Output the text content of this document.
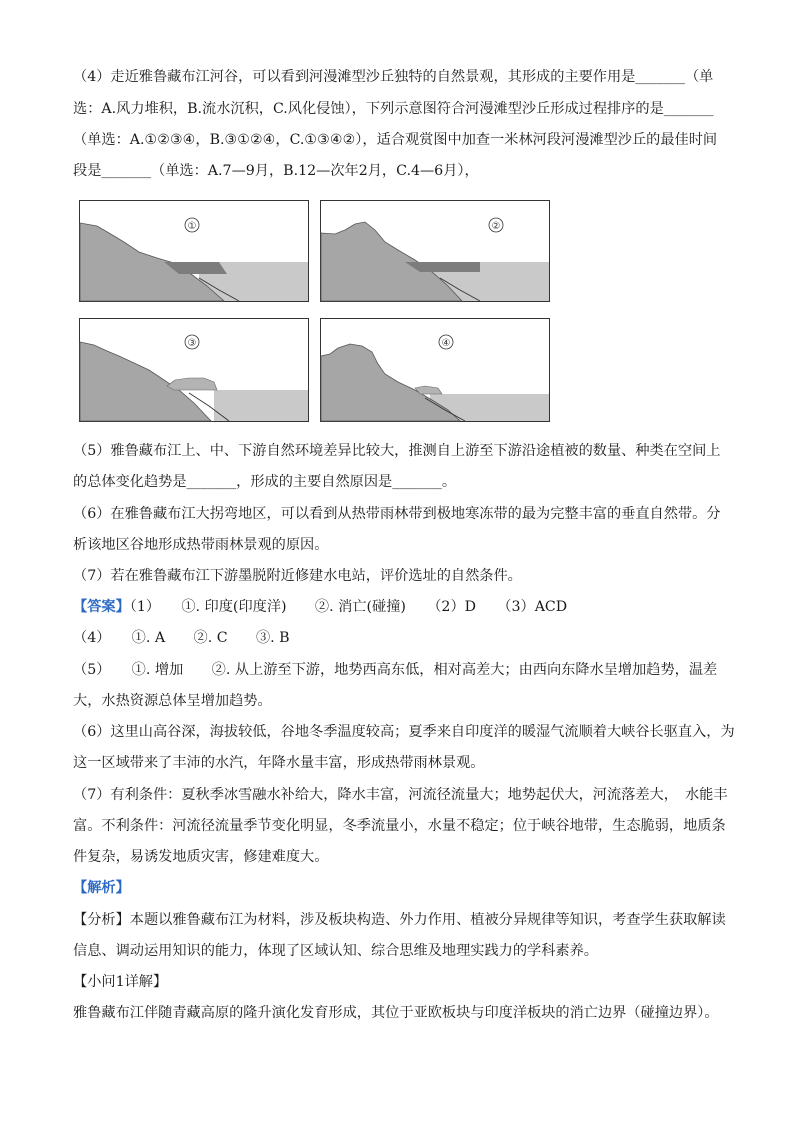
（4）走近雅鲁藏布江河谷，可以看到河漫滩型沙丘独特的自然景观，其形成的主要作用是_______（单
选：A.风力堆积，B.流水沉积，C.风化侵蚀），下列示意图符合河漫滩型沙丘形成过程排序的是_______
（单选：A.①②③④，B.③①②④，C.①③④②），适合观赏图中加查一米林河段河漫滩型沙丘的最佳时间
段是_______（单选：A.7—9月，B.12—次年2月，C.4—6月），
①	②
③	④
（5）雅鲁藏布江上、中、下游自然环境差异比较大，推测自上游至下游沿途植被的数量、种类在空间上
的总体变化趋势是_______，形成的主要自然原因是_______。
（6）在雅鲁藏布江大拐弯地区，可以看到从热带雨林带到极地寒冻带的最为完整丰富的垂直自然带。分
析该地区谷地形成热带雨林景观的原因。
（7）若在雅鲁藏布江下游墨脱附近修建水电站，评价选址的自然条件。
【答案】（1）　　①. 印度(印度洋)　　②. 消亡(碰撞)　　（2）D　　（3）ACD
（4）　　①. A　　②. C　　③. B
（5）　　①. 增加　　②. 从上游至下游，地势西高东低，相对高差大；由西向东降水呈增加趋势，温差
大，水热资源总体呈增加趋势。
（6）这里山高谷深，海拔较低，谷地冬季温度较高；夏季来自印度洋的暖湿气流顺着大峡谷长驱直入，为
这一区域带来了丰沛的水汽，年降水量丰富，形成热带雨林景观。
（7）有利条件：夏秋季冰雪融水补给大，降水丰富，河流径流量大；地势起伏大，河流落差大，　水能丰
富。不利条件：河流径流量季节变化明显，冬季流量小，水量不稳定；位于峡谷地带，生态脆弱，地质条
件复杂，易诱发地质灾害，修建难度大。
【解析】
【分析】本题以雅鲁藏布江为材料，涉及板块构造、外力作用、植被分异规律等知识，考查学生获取解读
信息、调动运用知识的能力，体现了区域认知、综合思维及地理实践力的学科素养。
【小问1详解】
雅鲁藏布江伴随青藏高原的隆升演化发育形成，其位于亚欧板块与印度洋板块的消亡边界（碰撞边界）。
